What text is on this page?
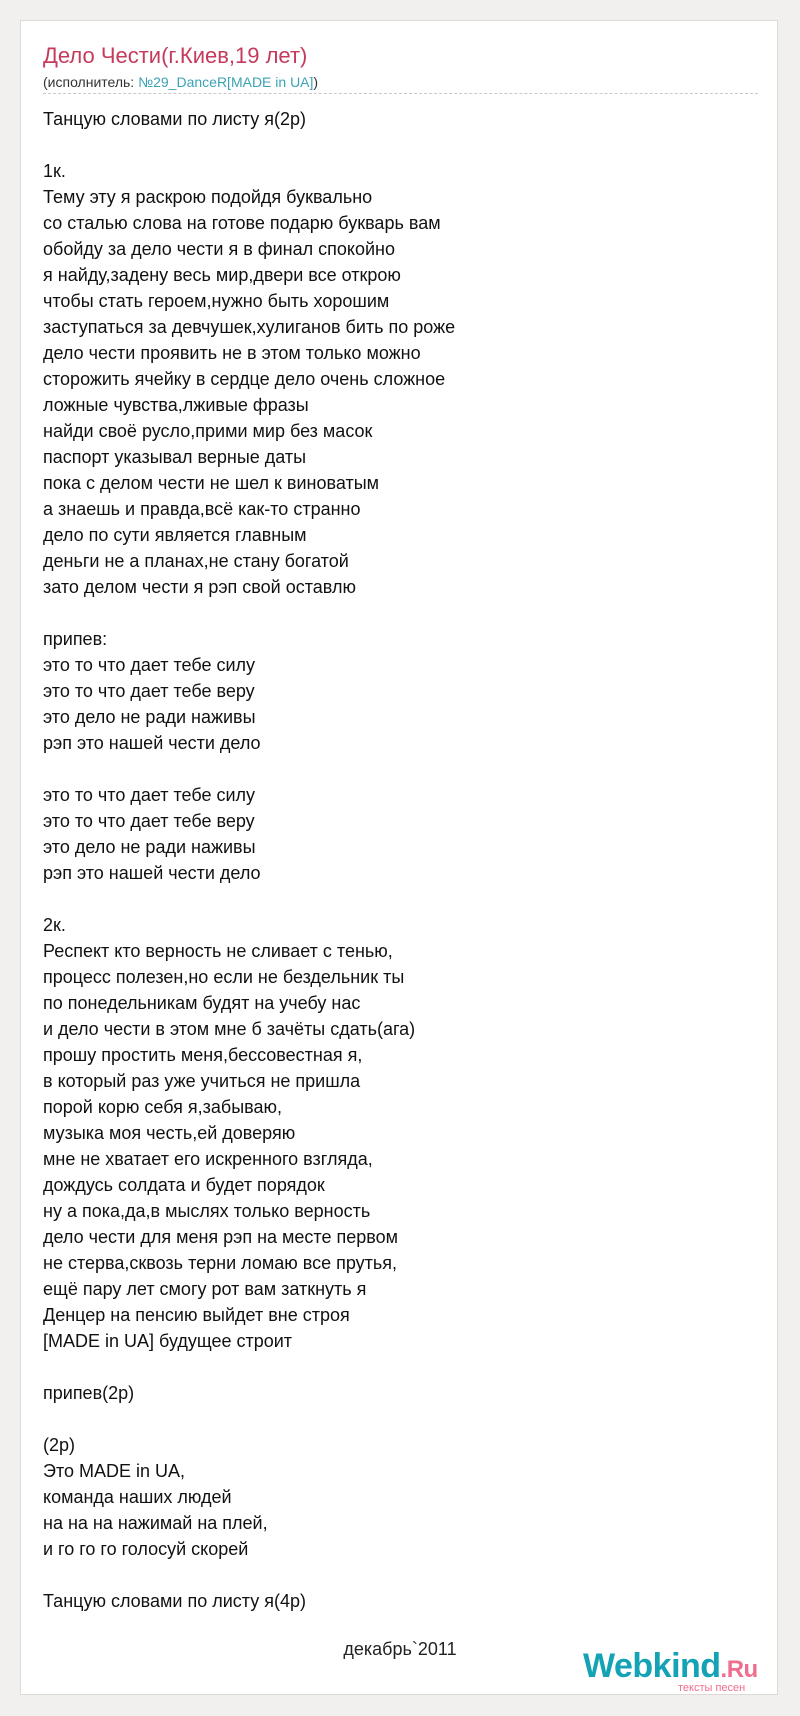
Дело Чести(г.Киев,19 лет)
(исполнитель: №29_DanceR[MADE in UA])
Танцую словами по листу я(2р)
1к.
Тему эту я раскрою подойдя буквально
со сталью слова на готове подарю букварь вам
обойду за дело чести я в финал спокойно
я найду,задену весь мир,двери все открою
чтобы стать героем,нужно быть хорошим
заступаться за девчушек,хулиганов бить по роже
дело чести проявить не в этом только можно
сторожить ячейку в сердце дело очень сложное
ложные чувства,лживые фразы
найди своё русло,прими мир без масок
паспорт указывал верные даты
пока с делом чести не шел к виноватым
а знаешь и правда,всё как-то странно
дело по сути является главным
деньги не а планах,не стану богатой
зато делом чести я рэп свой оставлю
припев:
это то что дает тебе силу
это то что дает тебе веру
это дело не ради наживы
рэп это нашей чести дело
это то что дает тебе силу
это то что дает тебе веру
это дело не ради наживы
рэп это нашей чести дело
2к.
Респект кто верность не сливает с тенью,
процесс полезен,но если не бездельник ты
по понедельникам будят на учебу нас
и дело чести в этом мне б зачёты сдать(ага)
прошу простить меня,бессовестная я,
в который раз уже учиться не пришла
порой корю себя я,забываю,
музыка моя честь,ей доверяю
мне не хватает его искренного взгляда,
дождусь солдата и будет порядок
ну а пока,да,в мыслях только верность
дело чести для меня рэп на месте первом
не стерва,сквозь терни ломаю все прутья,
ещё пару лет смогу рот вам заткнуть я
Денцер на пенсию выйдет вне строя
[MADE in UA] будущее строит
припев(2р)
(2р)
Это MADE in UA,
команда наших людей
на на на нажимай на плей,
и го го го голосуй скорей
Танцую словами по листу я(4р)
декабрь`2011	Webkind.Ru
тексты песен
